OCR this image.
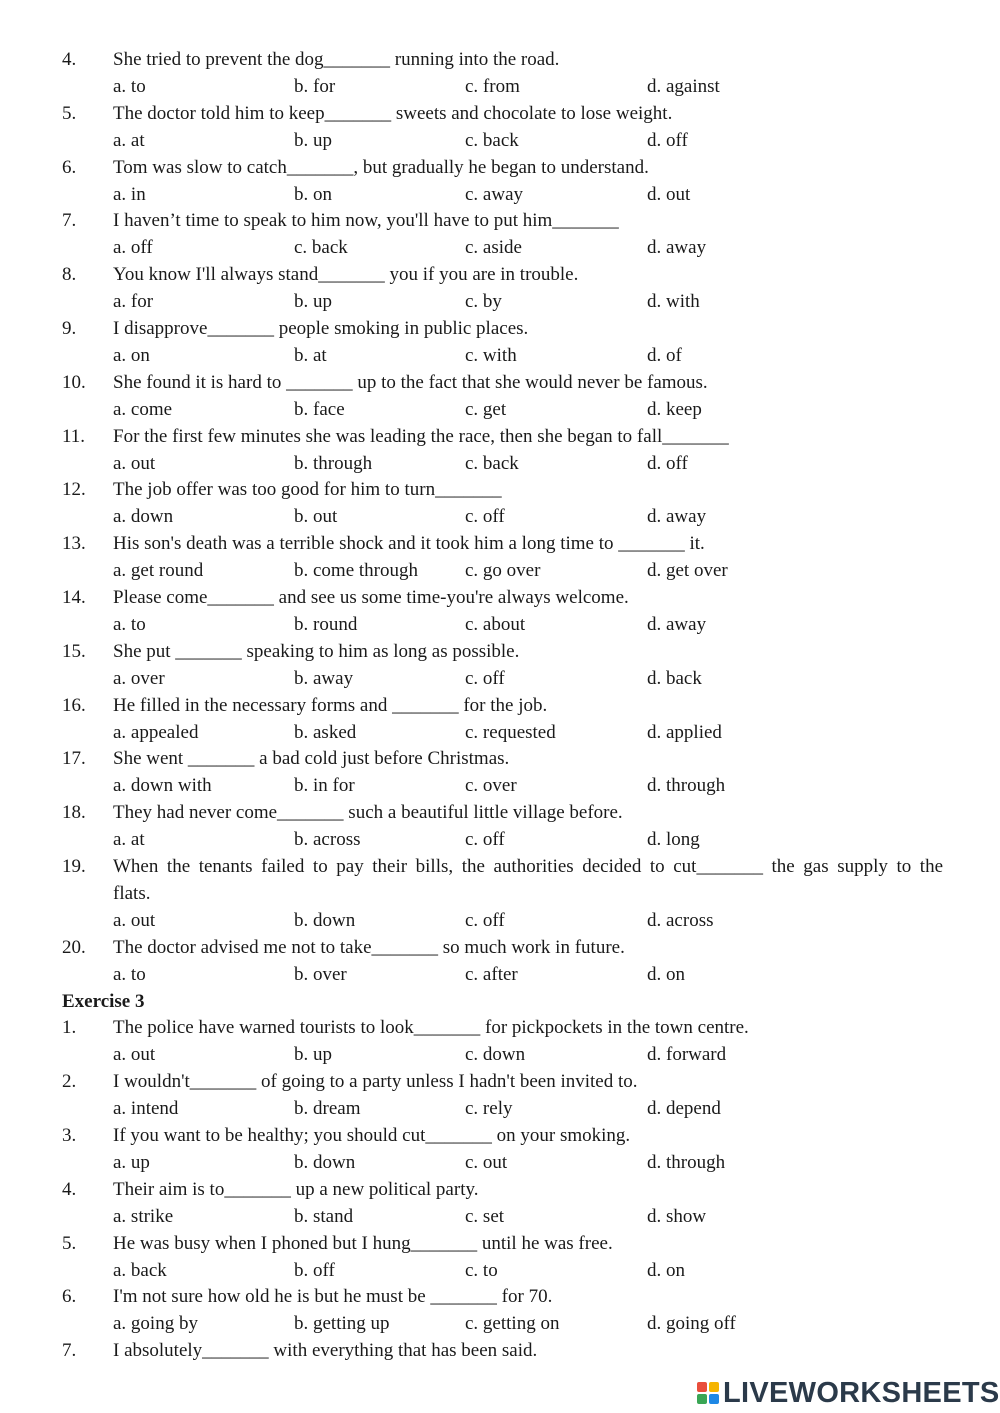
4. She tried to prevent the dog_______ running into the road.
a. to	b. for	c. from	d. against
5. The doctor told him to keep_______ sweets and chocolate to lose weight.
a. at	b. up	c. back	d. off
6. Tom was slow to catch_______, but gradually he began to understand.
a. in	b. on	c. away	d. out
7. I haven’t time to speak to him now, you'll have to put him_______
a. off	c. back	c. aside	d. away
8. You know I'll always stand_______ you if you are in trouble.
a. for	b. up	c. by	d. with
9. I disapprove_______ people smoking in public places.
a. on	b. at	c. with	d. of
10. She found it is hard to _______ up to the fact that she would never be famous.
a. come	b. face	c. get	d. keep
11. For the first few minutes she was leading the race, then she began to fall_______
a. out	b. through	c. back	d. off
12. The job offer was too good for him to turn_______
a. down	b. out	c. off	d. away
13. His son's death was a terrible shock and it took him a long time to _______ it.
a. get round	b. come through c. go over	d. get over
14. Please come_______ and see us some time-you're always welcome.
a. to	b. round	c. about	d. away
15. She put _______ speaking to him as long as possible.
a. over	b. away	c. off	d. back
16. He filled in the necessary forms and _______ for the job.
a. appealed	b. asked	c. requested	d. applied
17. She went _______ a bad cold just before Christmas.
a. down with	b. in for	c. over	d. through
18. They had never come_______ such a beautiful little village before.
a. at	b. across	c. off	d. long
19. When the tenants failed to pay their bills, the authorities decided to cut_______ the gas supply to the
flats.
a. out	b. down	c. off	d. across
20. The doctor advised me not to take_______ so much work in future.
a. to	b. over	c. after	d. on
Exercise 3
1. The police have warned tourists to look_______ for pickpockets in the town centre.
a. out	b. up	c. down	d. forward
2. I wouldn't_______ of going to a party unless I hadn't been invited to.
a. intend	b. dream	c. rely	d. depend
3. If you want to be healthy; you should cut_______ on your smoking.
a. up	b. down	c. out	d. through
4. Their aim is to_______ up a new political party.
a. strike	b. stand	c. set	d. show
5. He was busy when I phoned but I hung_______ until he was free.
a. back	b. off	c. to	d. on
6. I'm not sure how old he is but he must be _______ for 70.
a. going by	b. getting up	c. getting on	d. going off
7. I absolutely_______ with everything that has been said.
LIVEWORKSHEETS
